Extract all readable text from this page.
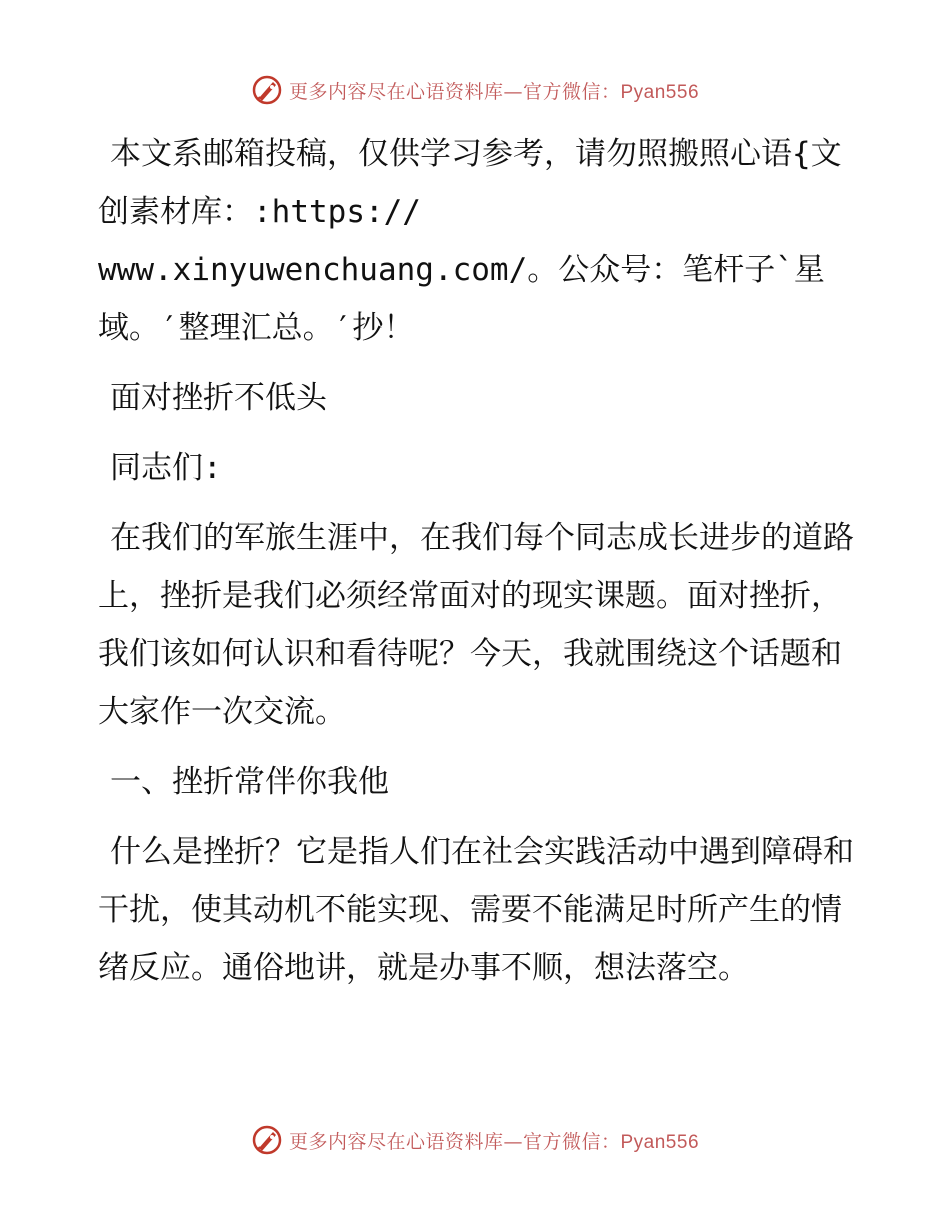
更多内容尽在心语资料库—官方微信：Pyan556

本文系邮箱投稿，仅供学习参考，请勿照搬照心语{文创素材库：:https://
www.xinyuwenchuang.com/。公众号：笔杆子`星域。′整理汇总。′抄！

面对挫折不低头

同志们:

在我们的军旅生涯中，在我们每个同志成长进步的道路上，挫折是我们必须经常面对的现实课题。面对挫折，我们该如何认识和看待呢？今天，我就围绕这个话题和大家作一次交流。

一、挫折常伴你我他

什么是挫折？它是指人们在社会实践活动中遇到障碍和干扰，使其动机不能实现、需要不能满足时所产生的情绪反应。通俗地讲，就是办事不顺，想法落空。

更多内容尽在心语资料库—官方微信：Pyan556
